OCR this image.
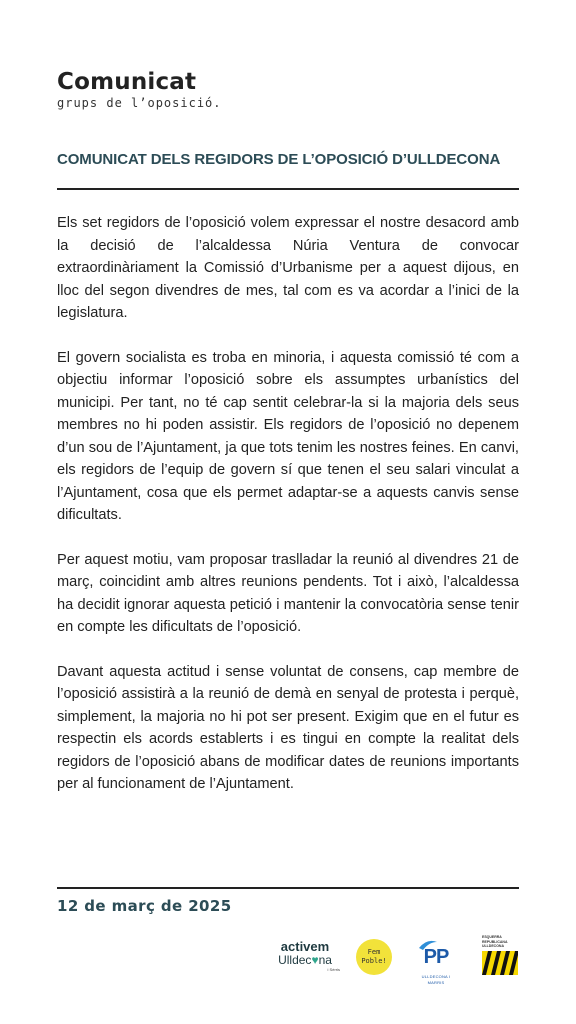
Comunicat
grups de l’oposició.
COMUNICAT DELS REGIDORS DE L’OPOSICIÓ D’ULLDECONA

Els set regidors de l’oposició volem expressar el nostre desacord amb la decisió de l’alcaldessa Núria Ventura de convocar extraordinàriament la Comissió d’Urbanisme per a aquest dijous, en lloc del segon divendres de mes, tal com es va acordar a l’inici de la legislatura.

El govern socialista es troba en minoria, i aquesta comissió té com a objectiu informar l’oposició sobre els assumptes urbanístics del municipi. Per tant, no té cap sentit celebrar-la si la majoria dels seus membres no hi poden assistir. Els regidors de l’oposició no depenem d’un sou de l’Ajuntament, ja que tots tenim les nostres feines. En canvi, els regidors de l’equip de govern sí que tenen el seu salari vinculat a l’Ajuntament, cosa que els permet adaptar-se a aquests canvis sense dificultats.

Per aquest motiu, vam proposar traslladar la reunió al divendres 21 de març, coincidint amb altres reunions pendents. Tot i això, l’alcaldessa ha decidit ignorar aquesta petició i mantenir la convocatòria sense tenir en compte les dificultats de l’oposició.

Davant aquesta actitud i sense voluntat de consens, cap membre de l’oposició assistirà a la reunió de demà en senyal de protesta i perquè, simplement, la majoria no hi pot ser present. Exigim que en el futur es respectin els acords establerts i es tingui en compte la realitat dels regidors de l’oposició abans de modificar dates de reunions importants per al funcionament de l’Ajuntament.

12 de març de 2025
activem
Ulldec♥na
i Sèrris
Fem
Poble! PP
ULLDECONA I MARRIS
ESQUERRA
REPUBLICANA
ULLDECONA
